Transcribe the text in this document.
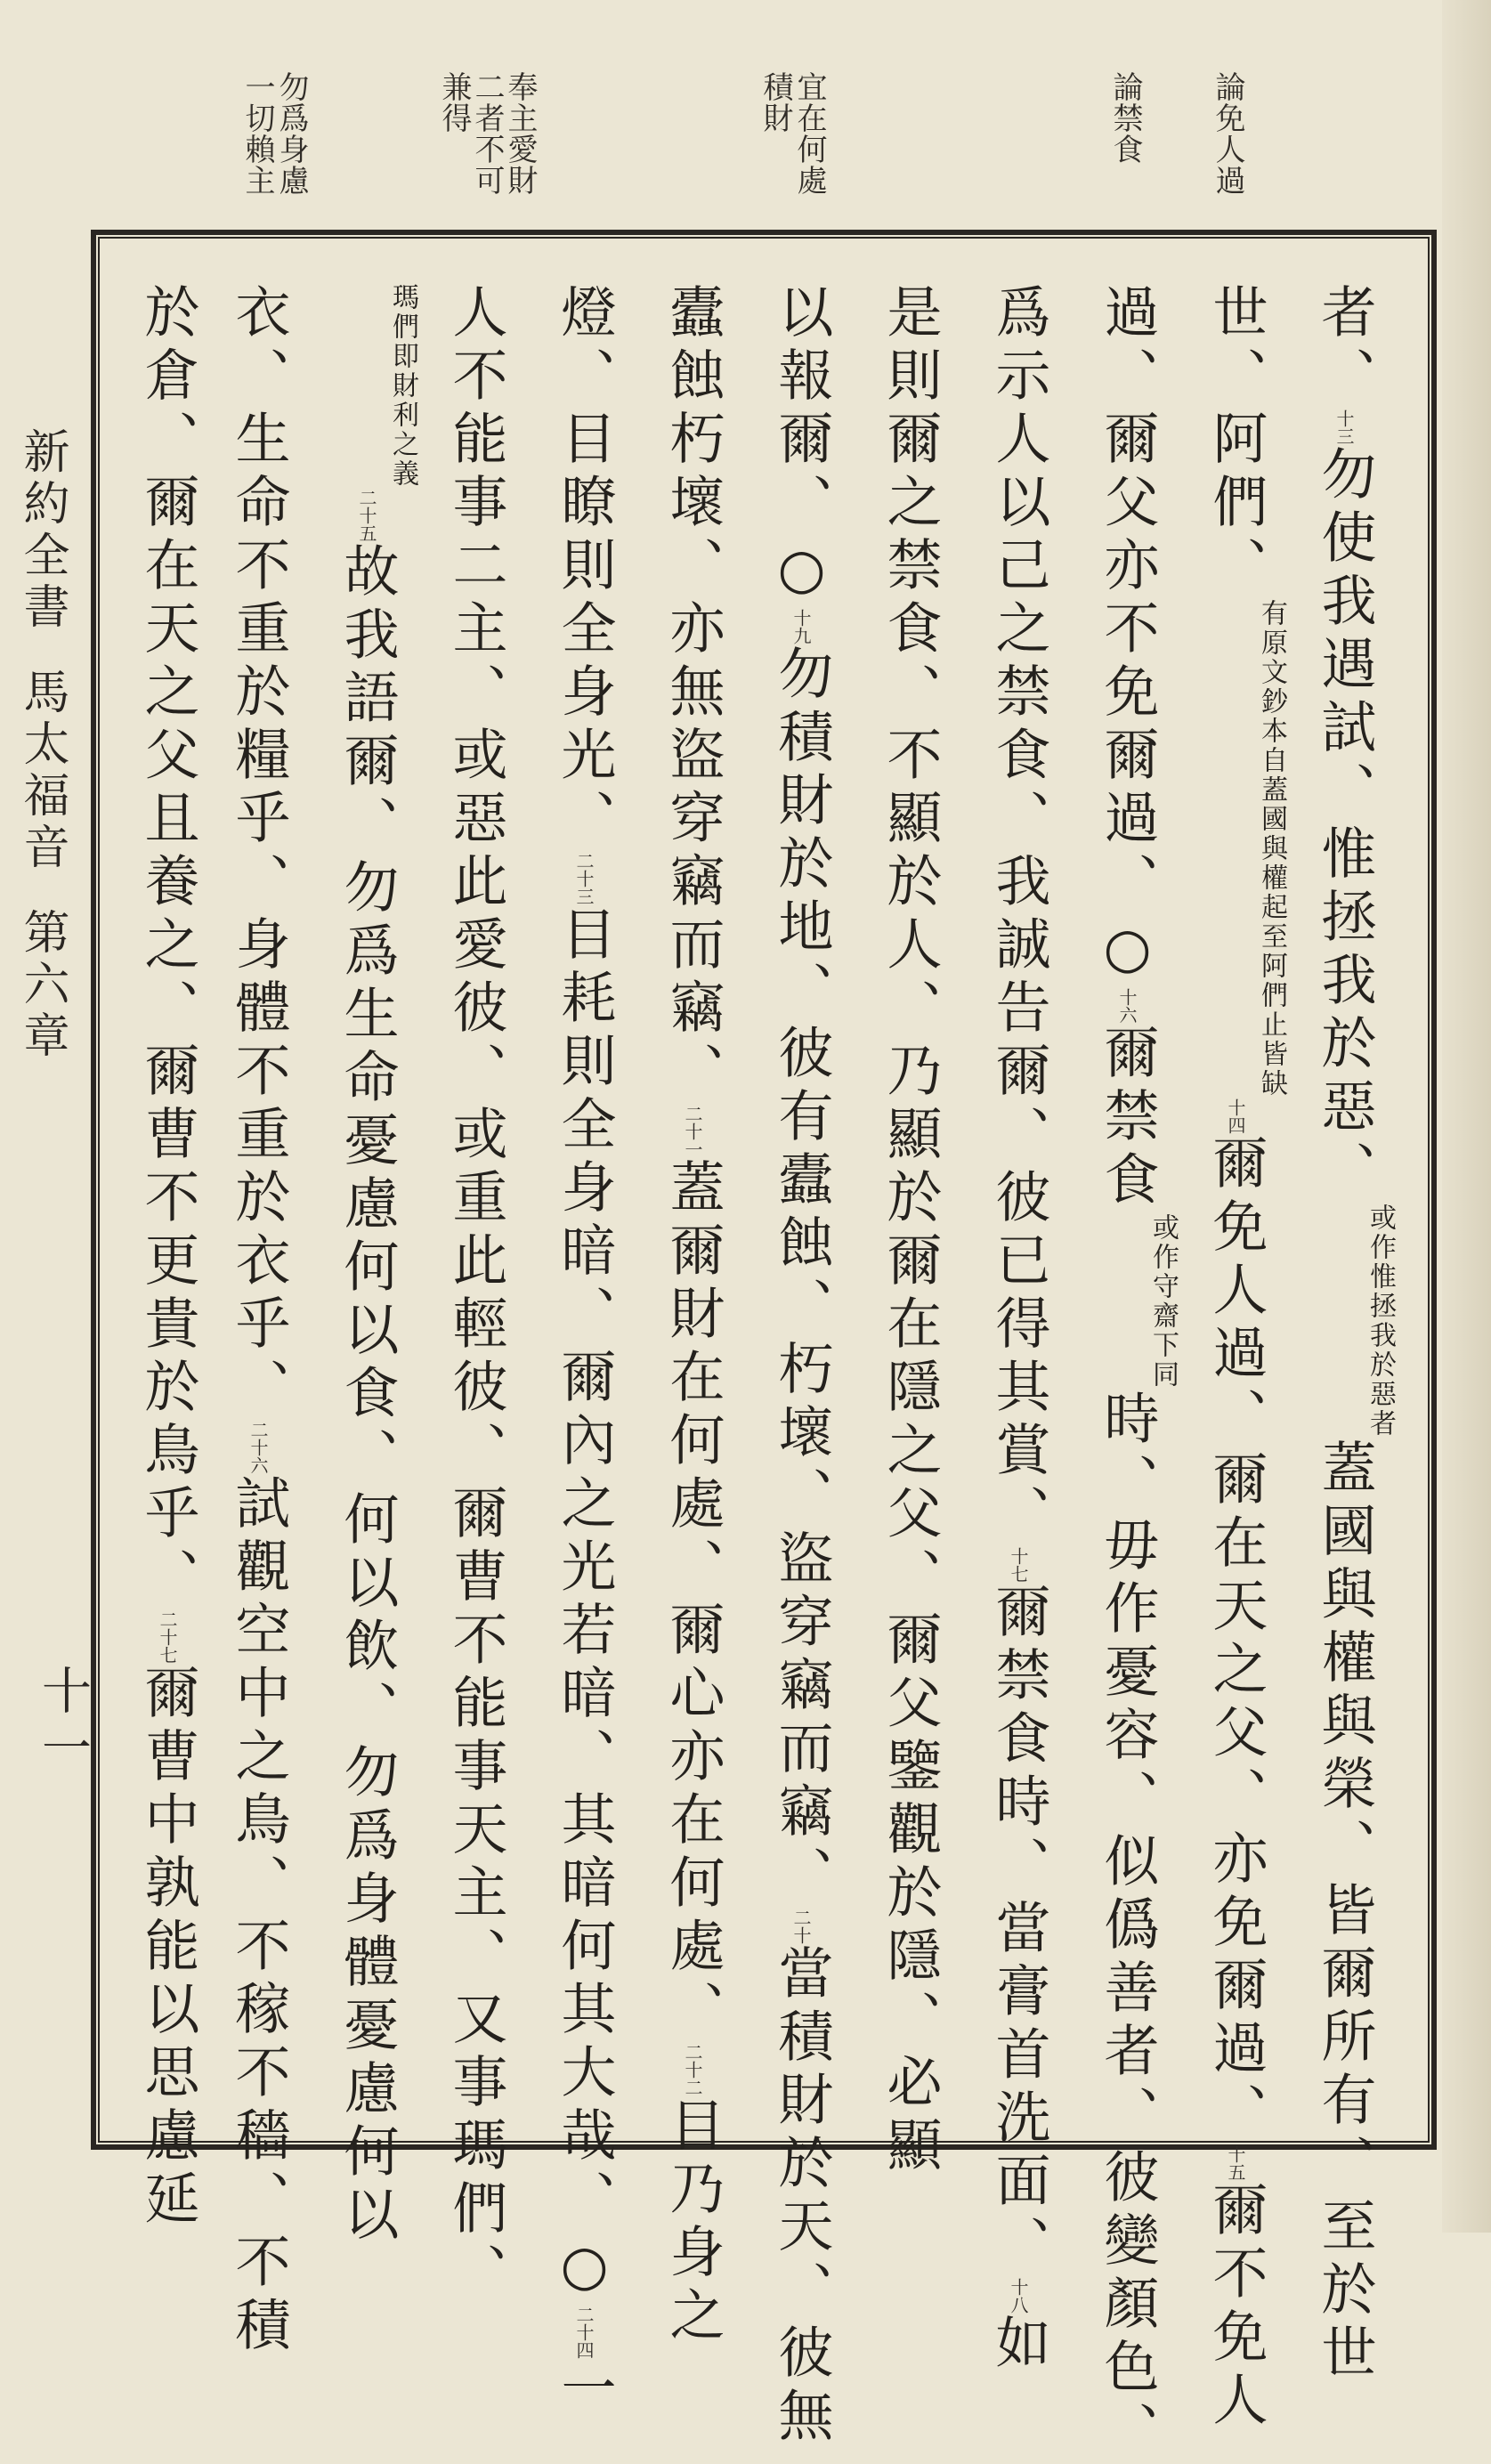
論免人過
論禁食
宜在何處
積財
奉主愛財
二者不可
兼得
勿爲身慮
一切賴主
新約全書馬太福音第六章
十一
者、$^{十三}$勿使我遇試、惟拯我於惡、
或作惟拯
我於惡者
蓋國與權與榮、皆爾所有、至於世
世、阿們、
有原文鈔本自蓋國與
權起至阿們止皆缺
$^{十四}$爾免人過、爾在天之父、亦免爾過、$^{十五}$爾不免人
過、爾父亦不免爾過、○$^{十六}$爾禁食
或作守
齋下同
時、毋作憂容、似僞善者、彼變顏色、
爲示人以己之禁食、我誠告爾、彼已得其賞、$^{十七}$爾禁食時、當膏首洗面、$^{十八}$如
是則爾之禁食、不顯於人、乃顯於爾在隱之父、爾父鑒觀於隱、必顯
以報爾、○$^{十九}$勿積財於地、彼有蠹蝕、朽壞、盜穿竊而竊、$^{二十}$當積財於天、彼無
蠹蝕朽壞、亦無盜穿竊而竊、$^{二十一}$蓋爾財在何處、爾心亦在何處、$^{二十二}$目乃身之
燈、目瞭則全身光、$^{二十三}$目耗則全身暗、爾內之光若暗、其暗何其大哉、○$^{二十四}$一
人不能事二主、或惡此愛彼、或重此輕彼、爾曹不能事天主、又事瑪們、
瑪們即財
利之義
$^{二十五}$故我語爾、勿爲生命憂慮何以食、何以飲、勿爲身體憂慮何以
衣、生命不重於糧乎、身體不重於衣乎、$^{二十六}$試觀空中之鳥、不稼不穡、不積
於倉、爾在天之父且養之、爾曹不更貴於鳥乎、$^{二十七}$爾曹中孰能以思慮延
